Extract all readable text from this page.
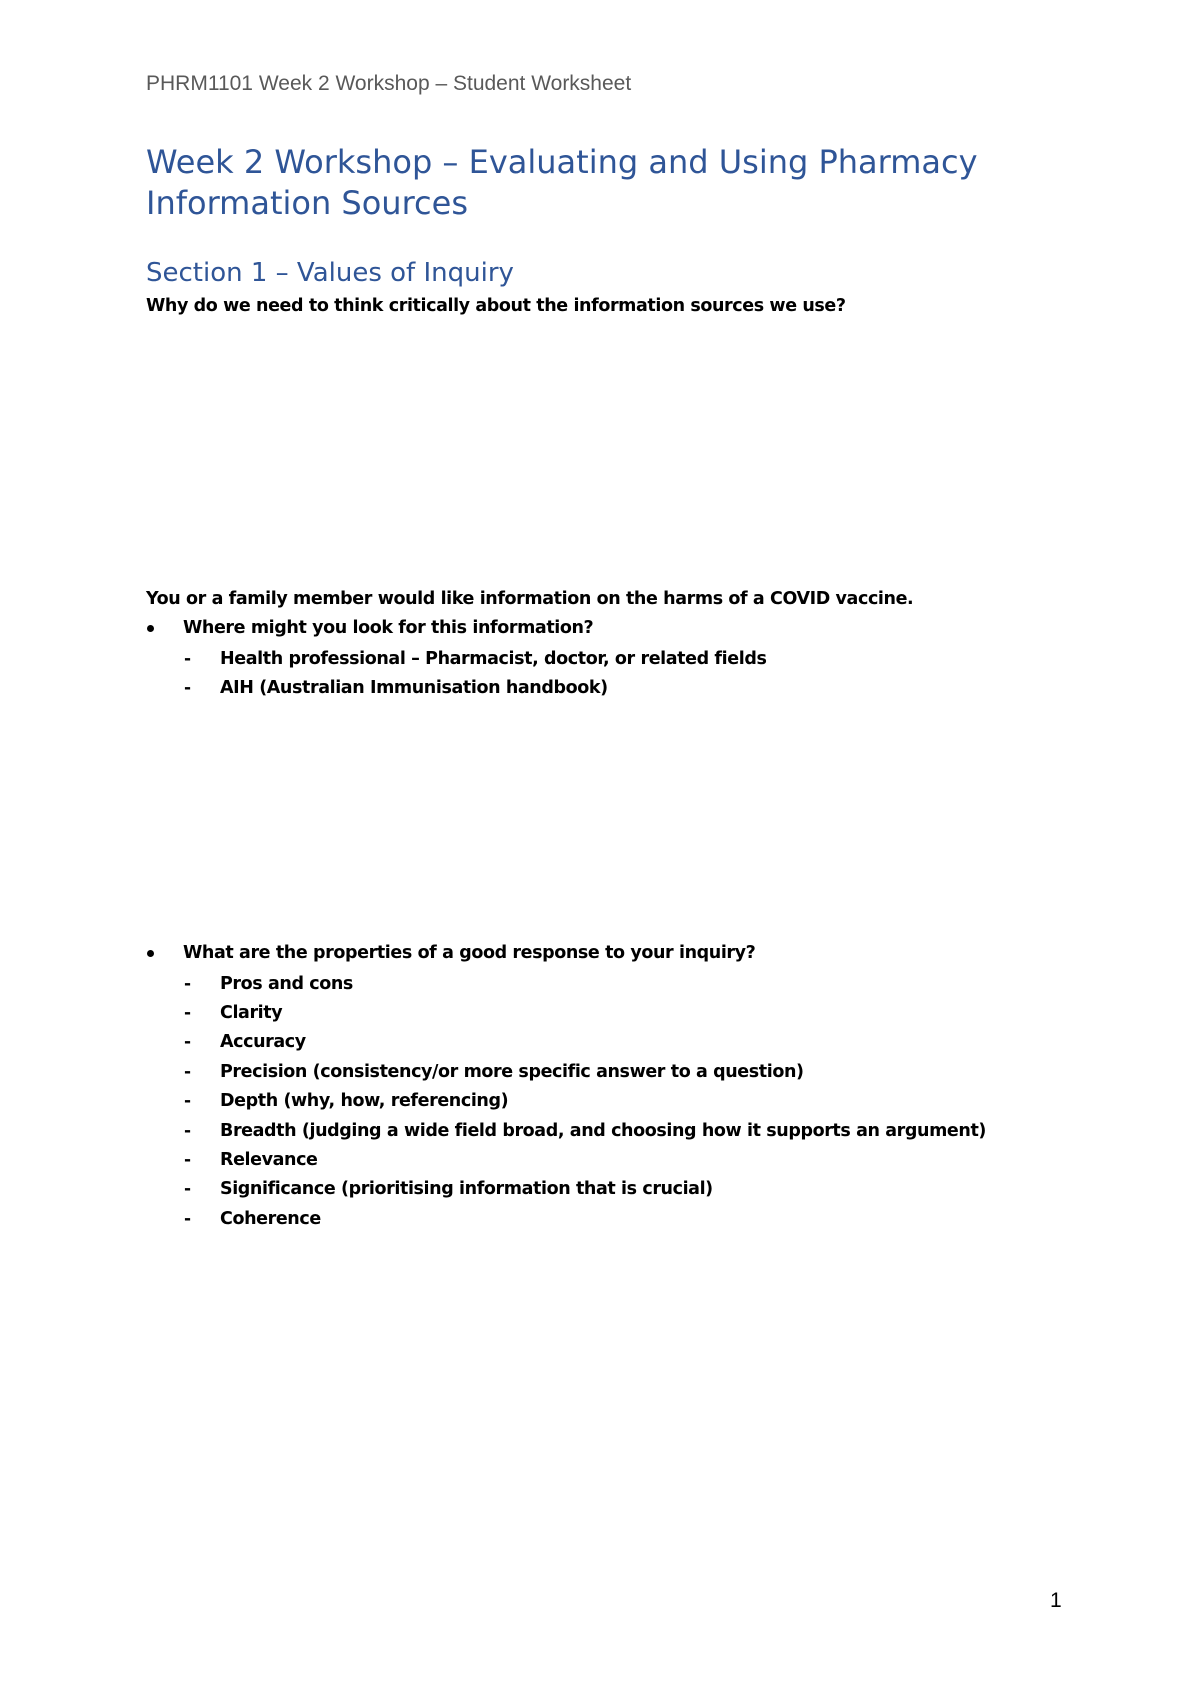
PHRM1101 Week 2 Workshop – Student Worksheet
Week 2 Workshop – Evaluating and Using Pharmacy Information Sources
Section 1 – Values of Inquiry
Why do we need to think critically about the information sources we use?
You or a family member would like information on the harms of a COVID vaccine.
Where might you look for this information?
-	Health professional – Pharmacist, doctor, or related fields
-	AIH (Australian Immunisation handbook)
What are the properties of a good response to your inquiry?
-	Pros and cons
-	Clarity
-	Accuracy
-	Precision (consistency/or more specific answer to a question)
-	Depth (why, how, referencing)
-	Breadth (judging a wide field broad, and choosing how it supports an argument)
-	Relevance
-	Significance (prioritising information that is crucial)
-	Coherence
1
